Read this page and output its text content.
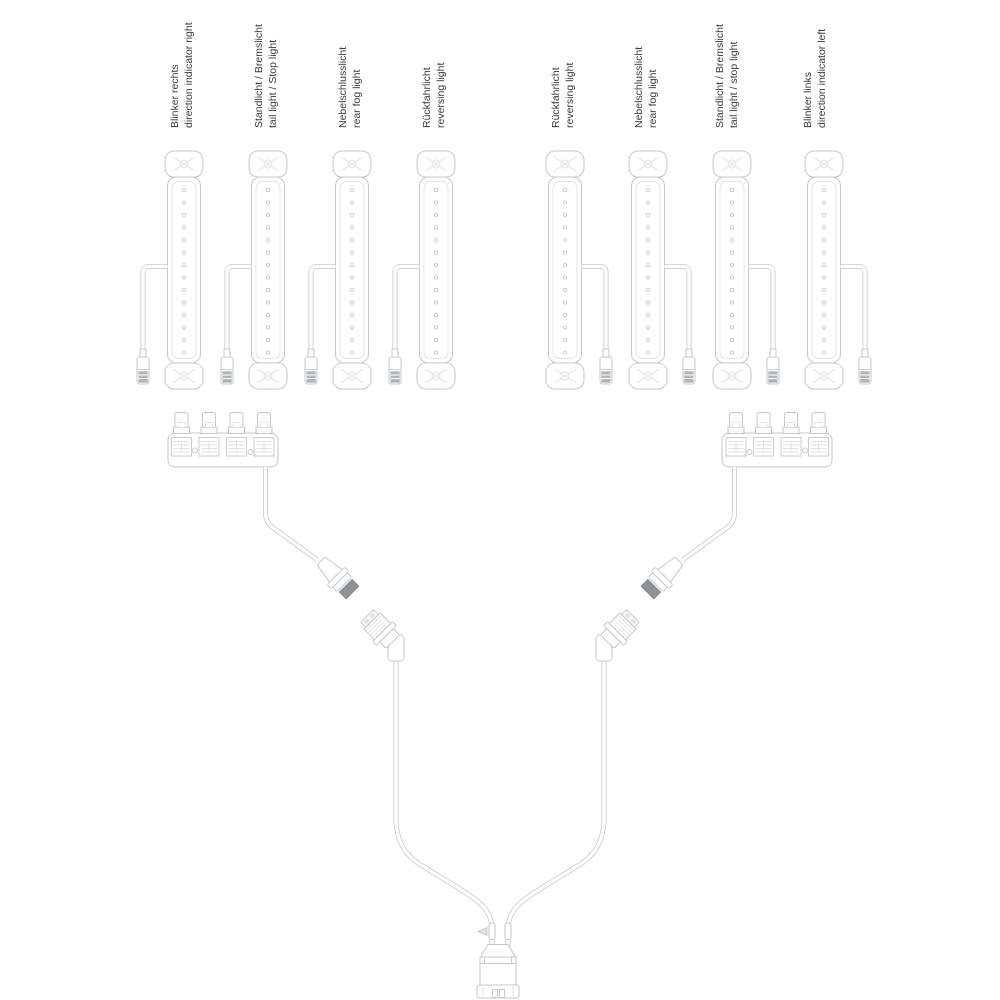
Blinker rechts direction indicator right	Standlicht / Bremslicht tail light / Stop light	Nebelschlusslicht rear fog light	Rückfahrlicht reversing light	Rückfahrlicht reversing light	Nebelschlusslicht rear fog light	Standlicht / Bremslicht tail light / stop light	Blinker links direction indicator left
